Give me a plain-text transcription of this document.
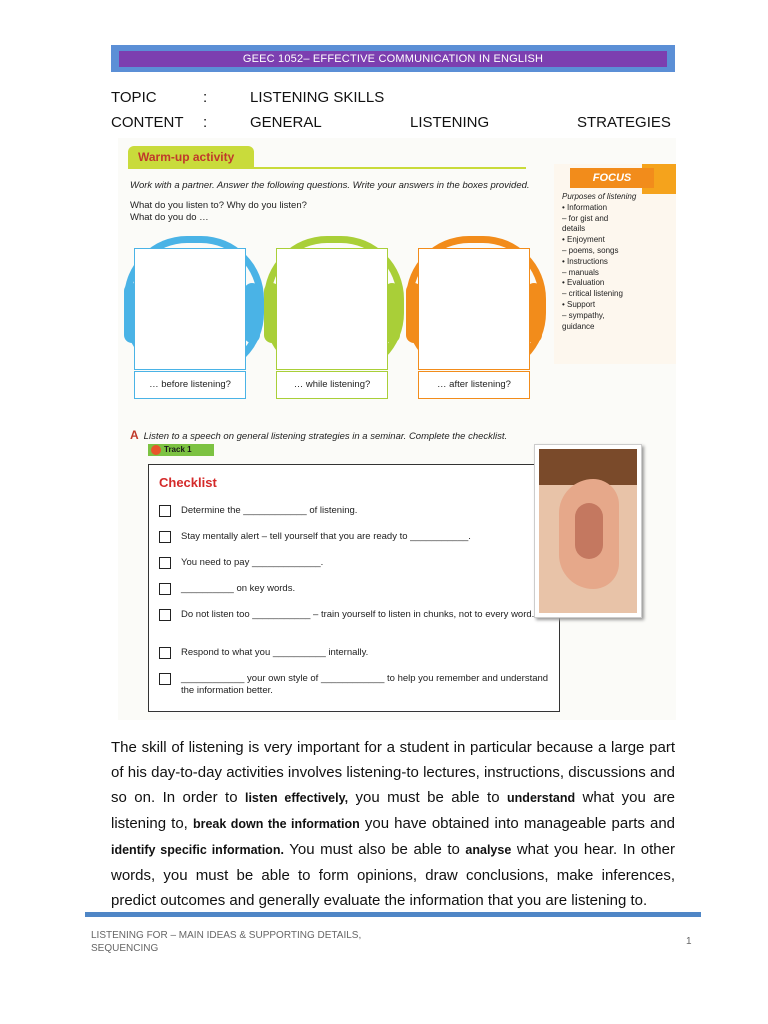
GEEC 1052– EFFECTIVE COMMUNICATION IN ENGLISH
TOPIC	:	LISTENING SKILLS
CONTENT :	GENERAL	LISTENING	STRATEGIES
Warm-up activity
Work with a partner. Answer the following questions. Write your answers in the boxes provided.
What do you listen to? Why do you listen?
What do you do …
FOCUS
Purposes of listening
• Information
– for gist and
details
• Enjoyment
– poems, songs
• Instructions
– manuals
• Evaluation
– critical listening
• Support
– sympathy,
guidance
… before listening?	… while listening?	… after listening?
A Listen to a speech on general listening strategies in a seminar. Complete the checklist.
Track 1
Checklist
Determine the ____________ of listening.
Stay mentally alert – tell yourself that you are ready to ___________.
You need to pay _____________.
__________ on key words.
Do not listen too ___________ – train yourself to listen in chunks, not to every word.
Respond to what you __________ internally.
____________ your own style of ____________ to help you remember and understand the information better.
The skill of listening is very important for a student in particular because a large part of his day-to-day activities involves listening-to lectures, instructions, discussions and so on. In order to listen effectively, you must be able to understand what you are listening to, break down the information you have obtained into manageable parts and identify specific information. You must also be able to analyse what you hear. In other words, you must be able to form opinions, draw conclusions, make inferences, predict outcomes and generally evaluate the information that you are listening to.
LISTENING FOR – MAIN IDEAS & SUPPORTING DETAILS,
SEQUENCING
1
